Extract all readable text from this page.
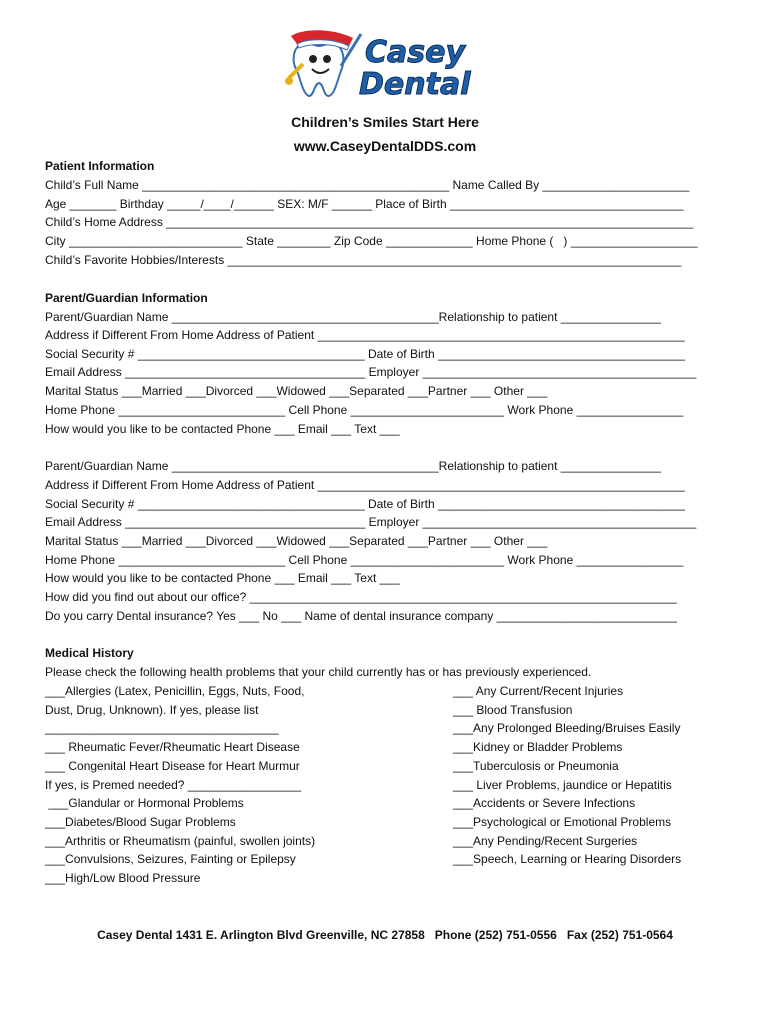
Casey
Dental
Children’s Smiles Start Here
www.CaseyDentalDDS.com
Patient Information
Child’s Full Name ______________________________________________ Name Called By ______________________
Age _______ Birthday _____/____/______ SEX: M/F ______ Place of Birth ___________________________________
Child’s Home Address _______________________________________________________________________________
City __________________________ State ________ Zip Code _____________ Home Phone (   ) ___________________
Child’s Favorite Hobbies/Interests ____________________________________________________________________
Parent/Guardian Information
Parent/Guardian Name ________________________________________Relationship to patient _______________
Address if Different From Home Address of Patient _______________________________________________________
Social Security # __________________________________ Date of Birth _____________________________________
Email Address ____________________________________ Employer _________________________________________
Marital Status ___Married ___Divorced ___Widowed ___Separated ___Partner ___ Other ___
Home Phone _________________________ Cell Phone _______________________ Work Phone ________________
How would you like to be contacted Phone ___ Email ___ Text ___
Parent/Guardian Name ________________________________________Relationship to patient _______________
Address if Different From Home Address of Patient _______________________________________________________
Social Security # __________________________________ Date of Birth _____________________________________
Email Address ____________________________________ Employer _________________________________________
Marital Status ___Married ___Divorced ___Widowed ___Separated ___Partner ___ Other ___
Home Phone _________________________ Cell Phone _______________________ Work Phone ________________
How would you like to be contacted Phone ___ Email ___ Text ___
How did you find out about our office? ________________________________________________________________
Do you carry Dental insurance? Yes ___ No ___ Name of dental insurance company ___________________________
Medical History
Please check the following health problems that your child currently has or has previously experienced.
___Allergies (Latex, Penicillin, Eggs, Nuts, Food,
Dust, Drug, Unknown). If yes, please list
___________________________________
___ Rheumatic Fever/Rheumatic Heart Disease
___ Congenital Heart Disease for Heart Murmur
If yes, is Premed needed? _________________
___Glandular or Hormonal Problems
___Diabetes/Blood Sugar Problems
___Arthritis or Rheumatism (painful, swollen joints)
___Convulsions, Seizures, Fainting or Epilepsy
___High/Low Blood Pressure
___ Any Current/Recent Injuries
___ Blood Transfusion
___Any Prolonged Bleeding/Bruises Easily
___Kidney or Bladder Problems
___Tuberculosis or Pneumonia
___ Liver Problems, jaundice or Hepatitis
___Accidents or Severe Infections
___Psychological or Emotional Problems
___Any Pending/Recent Surgeries
___Speech, Learning or Hearing Disorders
Casey Dental 1431 E. Arlington Blvd Greenville, NC 27858   Phone (252) 751-0556   Fax (252) 751-0564
